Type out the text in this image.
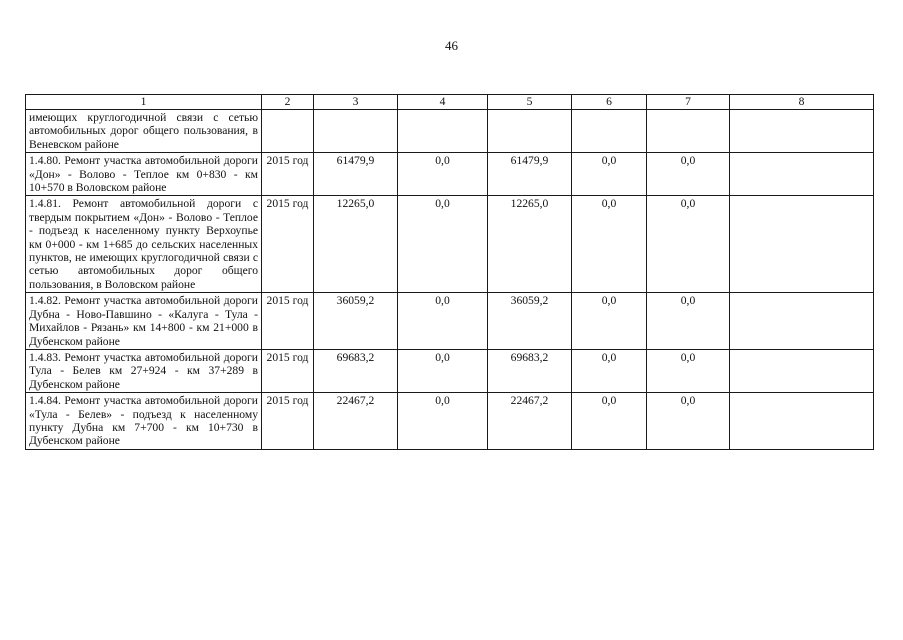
46
1	2	3	4	5	6	7	8
имеющих круглогодичной связи с сетью автомобильных дорог общего пользования, в Веневском районе							
1.4.80. Ремонт участка автомобильной дороги «Дон» - Волово - Теплое км 0+830 - км 10+570 в Воловском районе	2015 год	61479,9	0,0	61479,9	0,0	0,0	
1.4.81. Ремонт автомобильной дороги с твердым покрытием «Дон» - Волово - Теплое - подъезд к населенному пункту Верхоупье км 0+000 - км 1+685 до сельских населенных пунктов, не имеющих круглогодичной связи с сетью автомобильных дорог общего пользования, в Воловском районе	2015 год	12265,0	0,0	12265,0	0,0	0,0	
1.4.82. Ремонт участка автомобильной дороги Дубна - Ново-Павшино - «Калуга - Тула - Михайлов - Рязань» км 14+800 - км 21+000 в Дубенском районе	2015 год	36059,2	0,0	36059,2	0,0	0,0	
1.4.83. Ремонт участка автомобильной дороги Тула - Белев км 27+924 - км 37+289 в Дубенском районе	2015 год	69683,2	0,0	69683,2	0,0	0,0	
1.4.84. Ремонт участка автомобильной дороги «Тула - Белев» - подъезд к населенному пункту Дубна км 7+700 - км 10+730 в Дубенском районе	2015 год	22467,2	0,0	22467,2	0,0	0,0	
